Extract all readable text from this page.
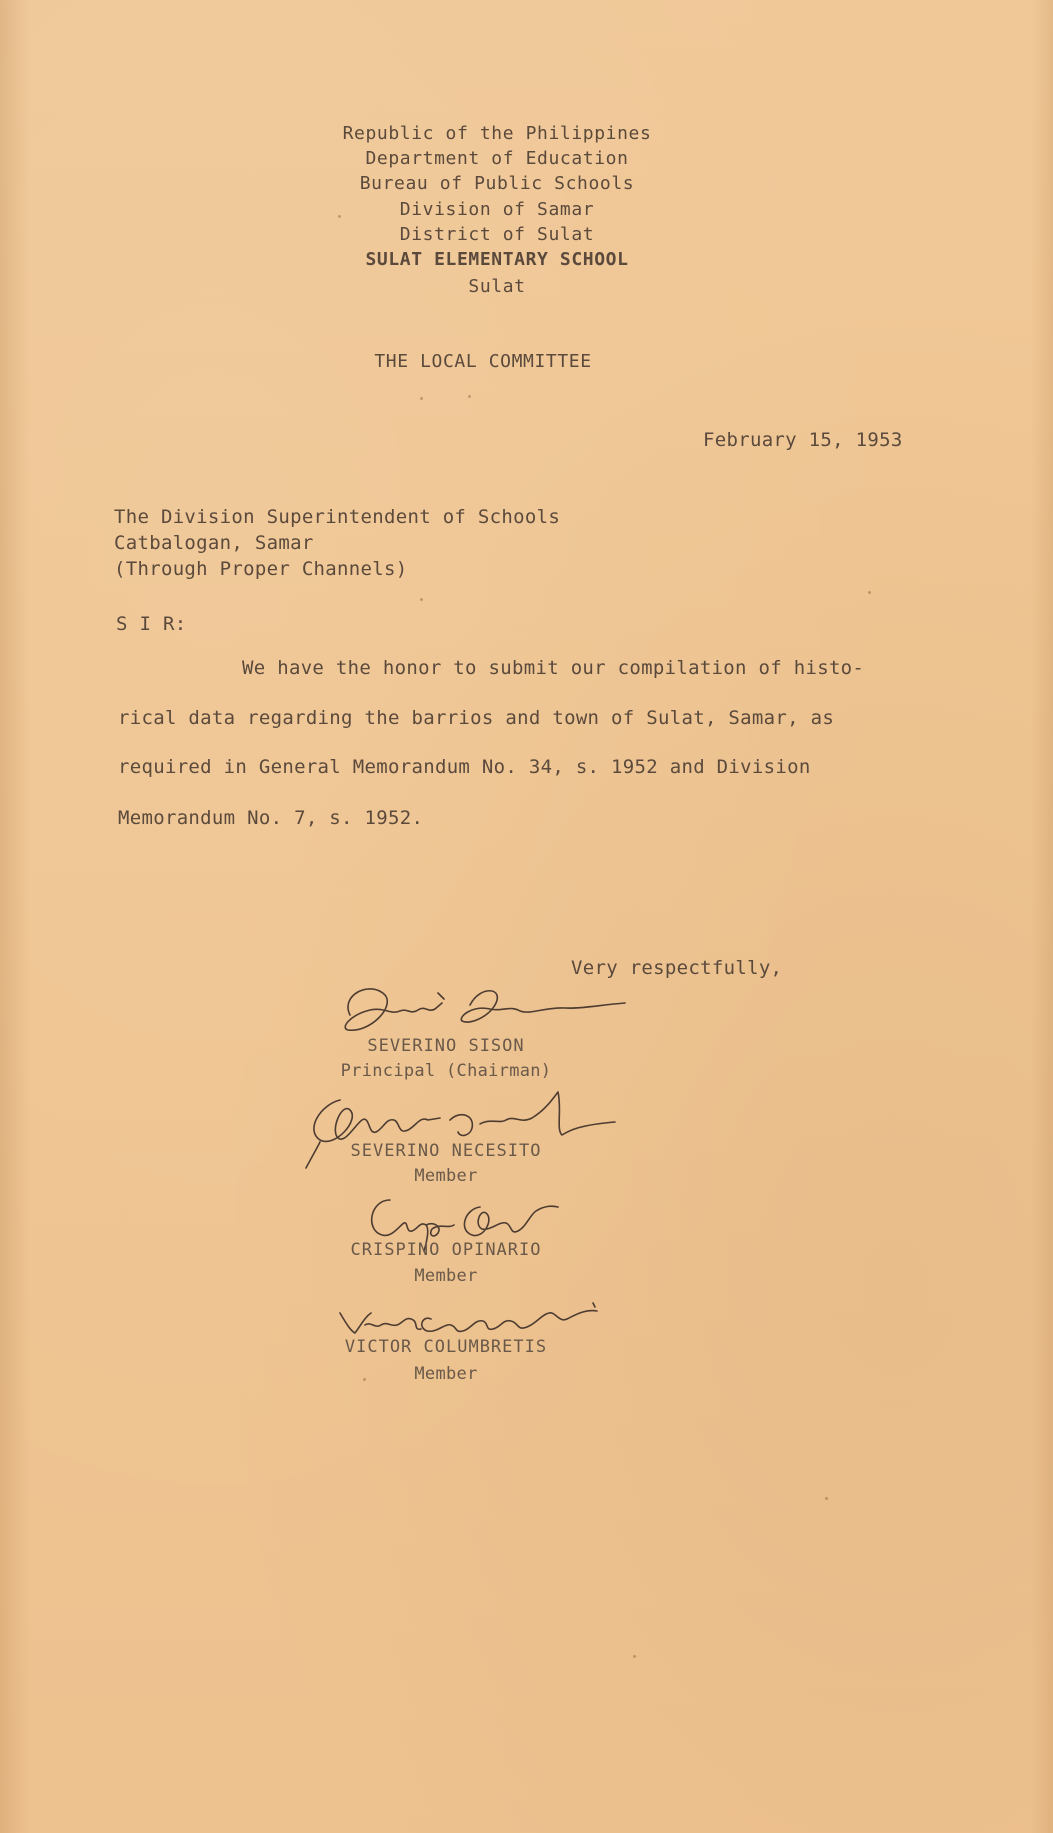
Republic of the Philippines
Department of Education
Bureau of Public Schools
Division of Samar
District of Sulat
SULAT ELEMENTARY SCHOOL
Sulat
THE LOCAL COMMITTEE
February 15, 1953
The Division Superintendent of Schools
Catbalogan, Samar
(Through Proper Channels)
S I R:
We have the honor to submit our compilation of histo-
rical data regarding the barrios and town of Sulat, Samar, as
required in General Memorandum No. 34, s. 1952 and Division
Memorandum No. 7, s. 1952.
Very respectfully,
SEVERINO SISON
Principal (Chairman)
SEVERINO NECESITO
Member
CRISPINO OPINARIO
Member
VICTOR COLUMBRETIS
Member
